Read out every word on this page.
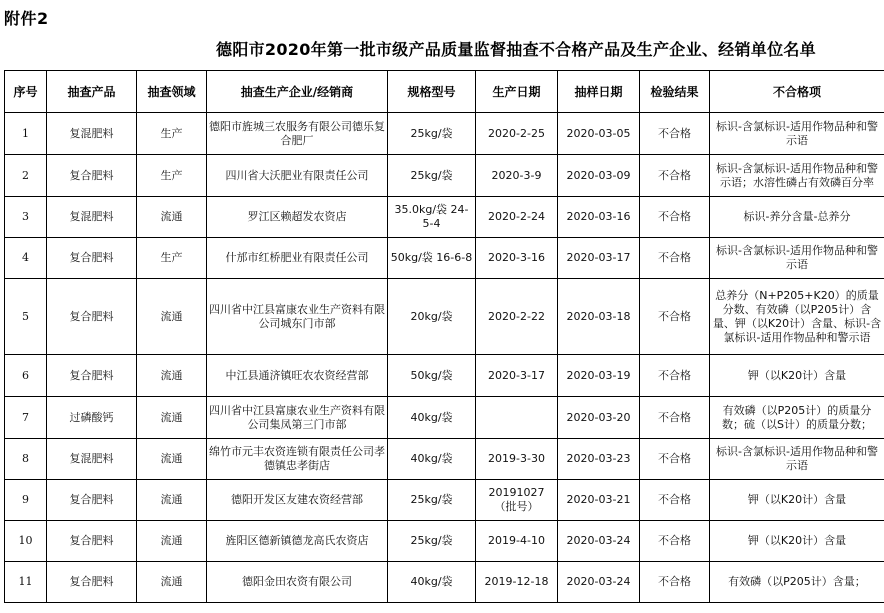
附件2
德阳市2020年第一批市级产品质量监督抽查不合格产品及生产企业、经销单位名单
序号	抽查产品	抽查领域	抽查生产企业/经销商	规格型号	生产日期	抽样日期	检验结果	不合格项
1	复混肥料	生产	德阳市旌城三农服务有限公司德乐复合肥厂	25kg/袋	2020-2-25	2020-03-05	不合格	标识-含氯标识-适用作物品种和警示语
2	复合肥料	生产	四川省大沃肥业有限责任公司	25kg/袋	2020-3-9	2020-03-09	不合格	标识-含氯标识-适用作物品种和警示语；水溶性磷占有效磷百分率
3	复混肥料	流通	罗江区赖超发农资店	35.0kg/袋 24-5-4	2020-2-24	2020-03-16	不合格	标识-养分含量-总养分
4	复合肥料	生产	什邡市红桥肥业有限责任公司	50kg/袋 16-6-8	2020-3-16	2020-03-17	不合格	标识-含氯标识-适用作物品种和警示语
5	复合肥料	流通	四川省中江县富康农业生产资料有限公司城东门市部	20kg/袋	2020-2-22	2020-03-18	不合格	总养分（N+P205+K20）的质量分数、有效磷（以P205计）含量、钾（以K20计）含量、标识-含氯标识-适用作物品种和警示语
6	复合肥料	流通	中江县通济镇旺农农资经营部	50kg/袋	2020-3-17	2020-03-19	不合格	钾（以K20计）含量
7	过磷酸钙	流通	四川省中江县富康农业生产资料有限公司集凤第三门市部	40kg/袋		2020-03-20	不合格	有效磷（以P205计）的质量分数；硫（以S计）的质量分数；
8	复混肥料	流通	绵竹市元丰农资连锁有限责任公司孝德镇忠孝街店	40kg/袋	2019-3-30	2020-03-23	不合格	标识-含氯标识-适用作物品种和警示语
9	复合肥料	流通	德阳开发区友建农资经营部	25kg/袋	20191027（批号）	2020-03-21	不合格	钾（以K20计）含量
10	复合肥料	流通	旌阳区德新镇德龙高氏农资店	25kg/袋	2019-4-10	2020-03-24	不合格	钾（以K20计）含量
11	复合肥料	流通	德阳金田农资有限公司	40kg/袋	2019-12-18	2020-03-24	不合格	有效磷（以P205计）含量；
